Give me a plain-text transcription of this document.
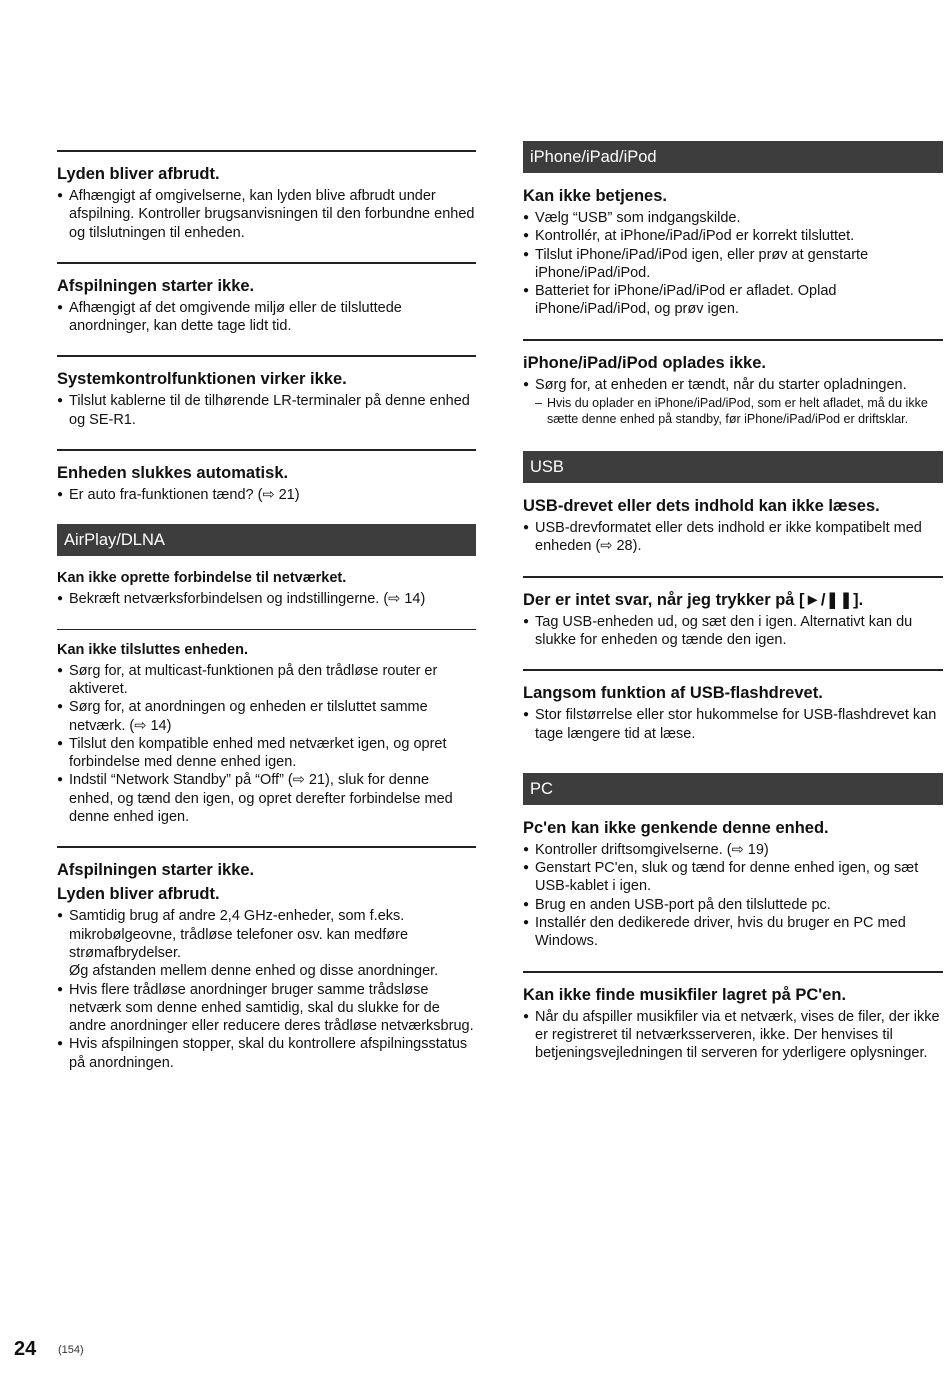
Lyden bliver afbrudt.
● Afhængigt af omgivelserne, kan lyden blive afbrudt under afspilning. Kontroller brugsanvisningen til den forbundne enhed og tilslutningen til enheden.
Afspilningen starter ikke.
● Afhængigt af det omgivende miljø eller de tilsluttede anordninger, kan dette tage lidt tid.
Systemkontrolfunktionen virker ikke.
● Tilslut kablerne til de tilhørende LR-terminaler på denne enhed og SE-R1.
Enheden slukkes automatisk.
● Er auto fra-funktionen tænd? (⇨ 21)
AirPlay/DLNA
Kan ikke oprette forbindelse til netværket.
● Bekræft netværksforbindelsen og indstillingerne. (⇨ 14)
Kan ikke tilsluttes enheden.
● Sørg for, at multicast-funktionen på den trådløse router er aktiveret.
● Sørg for, at anordningen og enheden er tilsluttet samme netværk. (⇨ 14)
● Tilslut den kompatible enhed med netværket igen, og opret forbindelse med denne enhed igen.
● Indstil “Network Standby” på “Off” (⇨ 21), sluk for denne enhed, og tænd den igen, og opret derefter forbindelse med denne enhed igen.
Afspilningen starter ikke.
Lyden bliver afbrudt.
● Samtidig brug af andre 2,4 GHz-enheder, som f.eks. mikrobølgeovne, trådløse telefoner osv. kan medføre strømafbrydelser.
Øg afstanden mellem denne enhed og disse anordninger.
● Hvis flere trådløse anordninger bruger samme trådsløse netværk som denne enhed samtidig, skal du slukke for de andre anordninger eller reducere deres trådløse netværksbrug.
● Hvis afspilningen stopper, skal du kontrollere afspilningsstatus på anordningen.
iPhone/iPad/iPod
Kan ikke betjenes.
● Vælg “USB” som indgangskilde.
● Kontrollér, at iPhone/iPad/iPod er korrekt tilsluttet.
● Tilslut iPhone/iPad/iPod igen, eller prøv at genstarte iPhone/iPad/iPod.
● Batteriet for iPhone/iPad/iPod er afladet. Oplad iPhone/iPad/iPod, og prøv igen.
iPhone/iPad/iPod oplades ikke.
● Sørg for, at enheden er tændt, når du starter opladningen.
– Hvis du oplader en iPhone/iPad/iPod, som er helt afladet, må du ikke sætte denne enhed på standby, før iPhone/iPad/iPod er driftsklar.
USB
USB-drevet eller dets indhold kan ikke læses.
● USB-drevformatet eller dets indhold er ikke kompatibelt med enheden (⇨ 28).
Der er intet svar, når jeg trykker på [►/❚❚].
● Tag USB-enheden ud, og sæt den i igen. Alternativt kan du slukke for enheden og tænde den igen.
Langsom funktion af USB-flashdrevet.
● Stor filstørrelse eller stor hukommelse for USB-flashdrevet kan tage længere tid at læse.
PC
Pc'en kan ikke genkende denne enhed.
● Kontroller driftsomgivelserne. (⇨ 19)
● Genstart PC'en, sluk og tænd for denne enhed igen, og sæt USB-kablet i igen.
● Brug en anden USB-port på den tilsluttede pc.
● Installér den dedikerede driver, hvis du bruger en PC med Windows.
Kan ikke finde musikfiler lagret på PC'en.
● Når du afspiller musikfiler via et netværk, vises de filer, der ikke er registreret til netværksserveren, ikke. Der henvises til betjeningsvejledningen til serveren for yderligere oplysninger.
24 (154)
